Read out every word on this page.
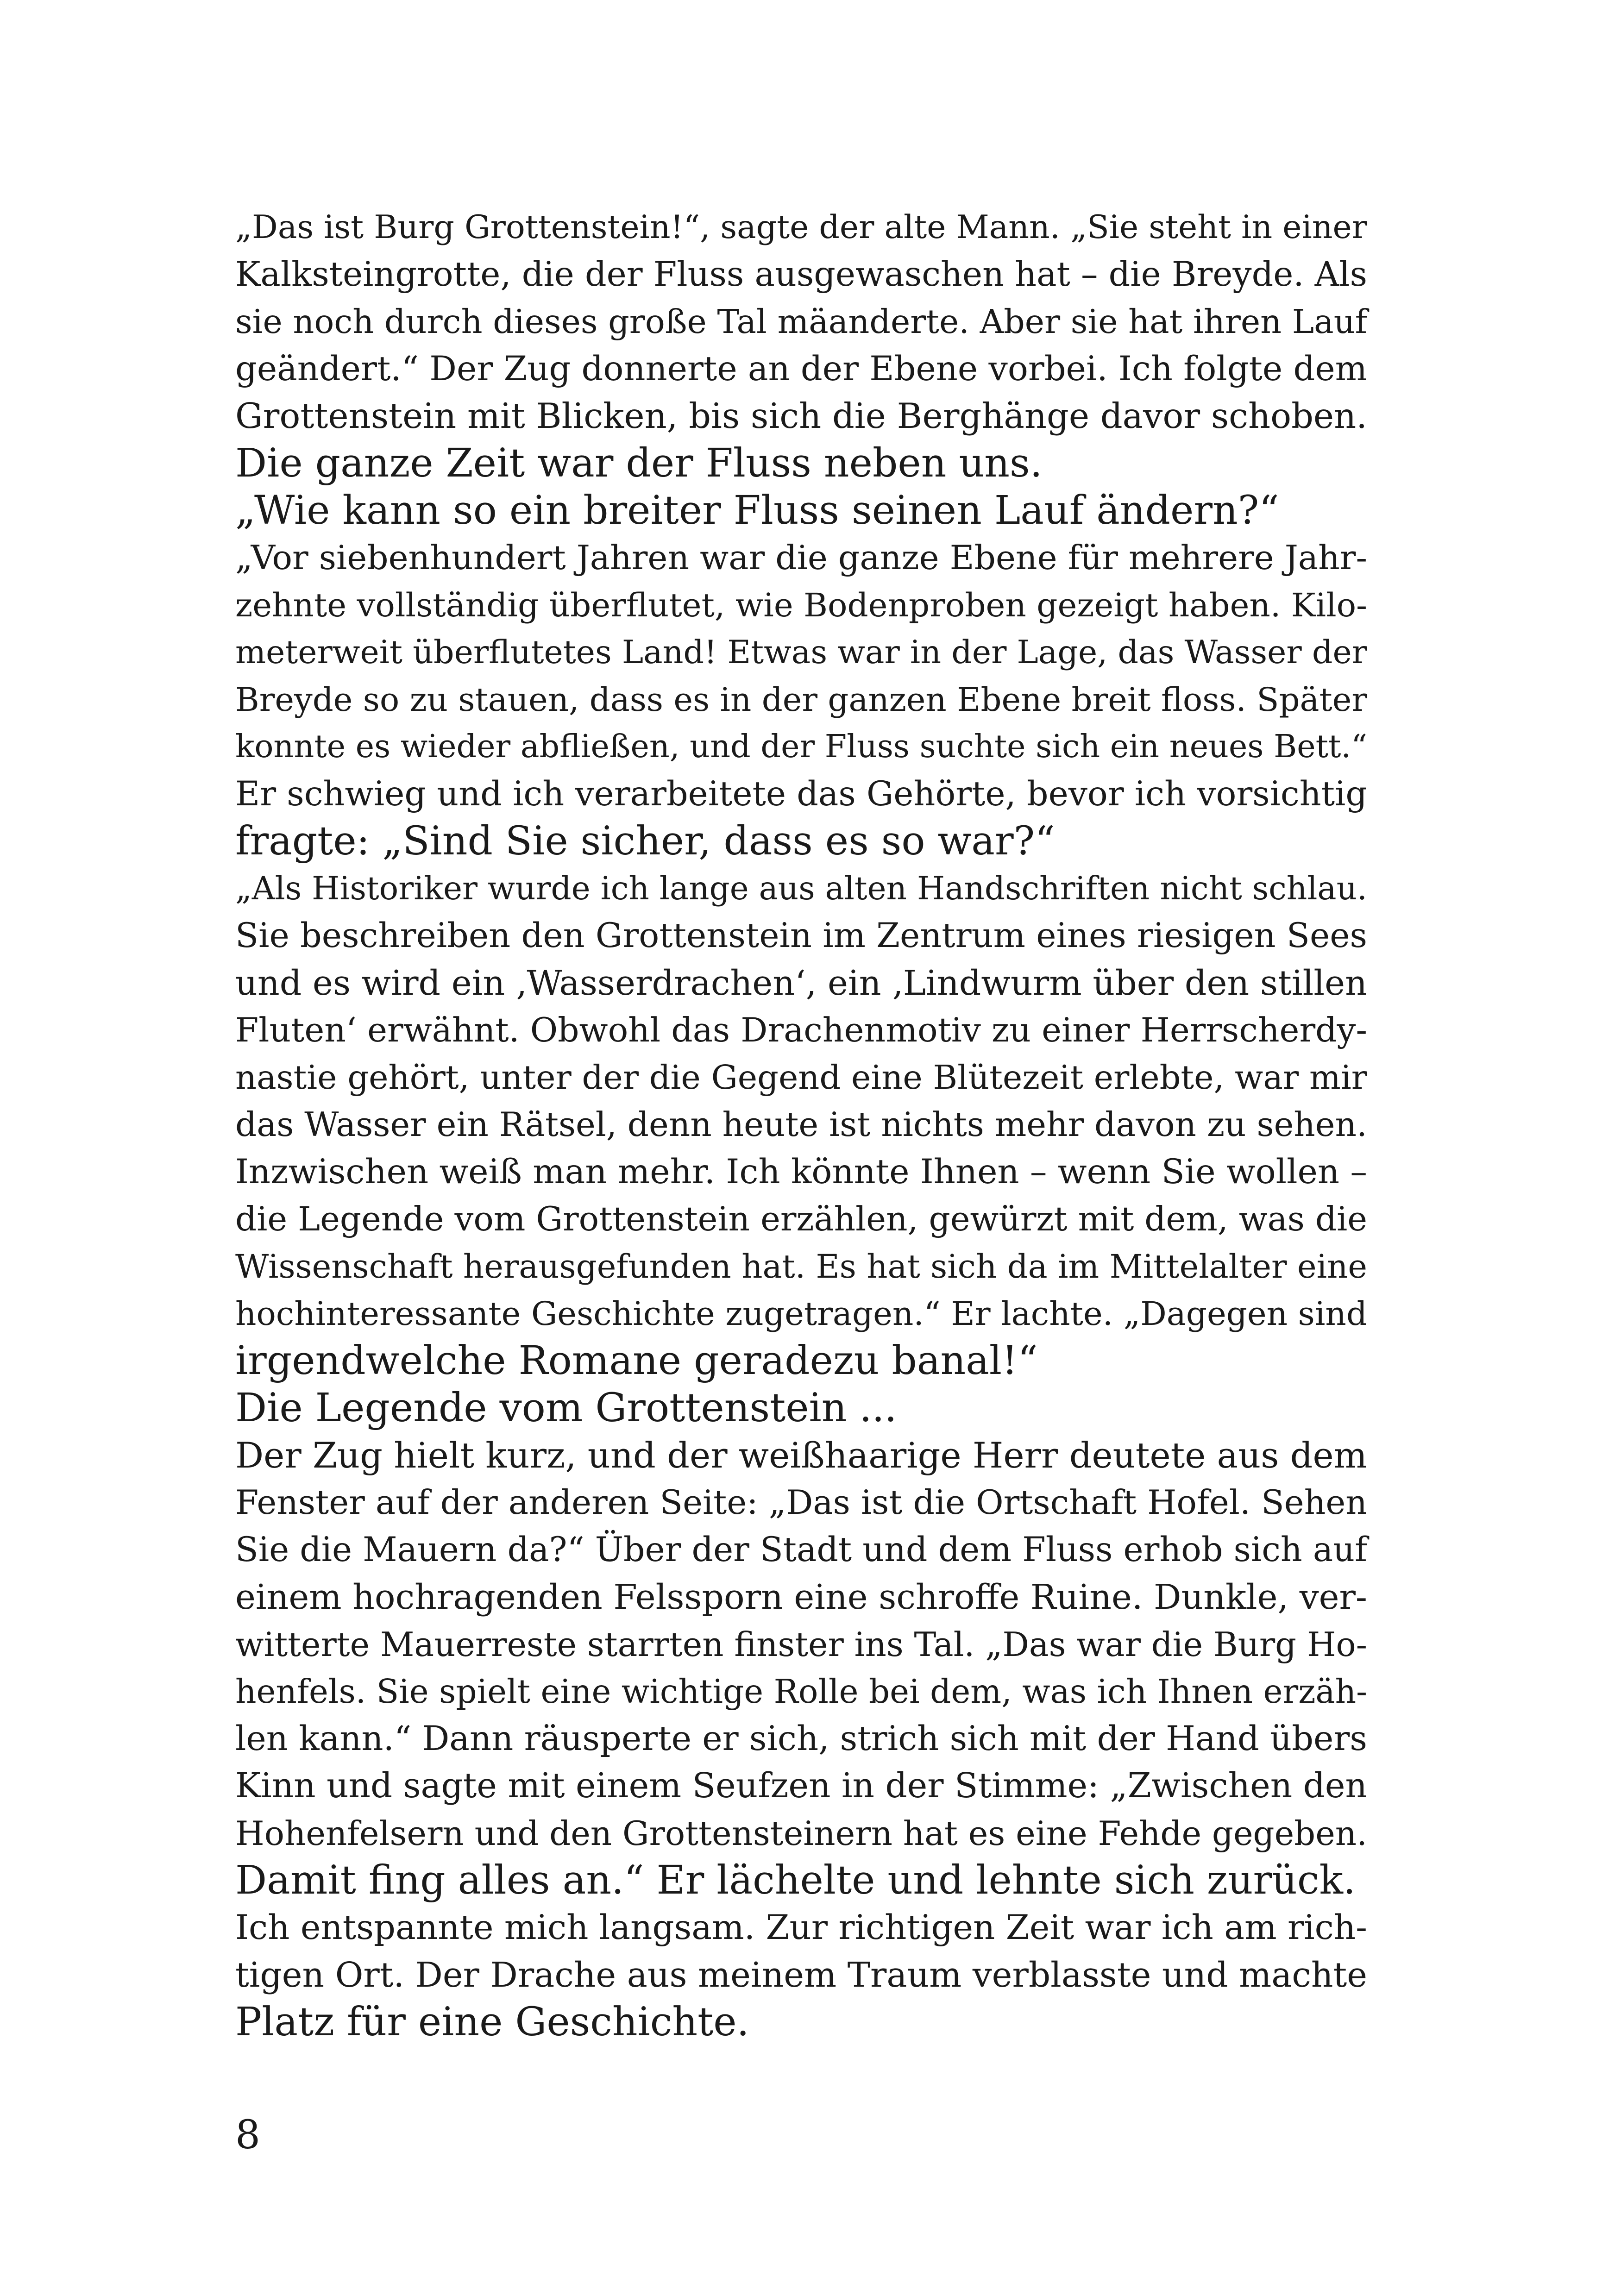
„Das ist Burg Grottenstein!“, sagte der alte Mann. „Sie steht in einer
Kalksteingrotte, die der Fluss ausgewaschen hat – die Breyde. Als
sie noch durch dieses große Tal mäanderte. Aber sie hat ihren Lauf
geändert.“ Der Zug donnerte an der Ebene vorbei. Ich folgte dem
Grottenstein mit Blicken, bis sich die Berghänge davor schoben.
Die ganze Zeit war der Fluss neben uns.
„Wie kann so ein breiter Fluss seinen Lauf ändern?“
„Vor siebenhundert Jahren war die ganze Ebene für mehrere Jahr-
zehnte vollständig überflutet, wie Bodenproben gezeigt haben. Kilo-
meterweit überflutetes Land! Etwas war in der Lage, das Wasser der
Breyde so zu stauen, dass es in der ganzen Ebene breit floss. Später
konnte es wieder abfließen, und der Fluss suchte sich ein neues Bett.“
Er schwieg und ich verarbeitete das Gehörte, bevor ich vorsichtig
fragte: „Sind Sie sicher, dass es so war?“
„Als Historiker wurde ich lange aus alten Handschriften nicht schlau.
Sie beschreiben den Grottenstein im Zentrum eines riesigen Sees
und es wird ein ‚Wasserdrachen‘, ein ‚Lindwurm über den stillen
Fluten‘ erwähnt. Obwohl das Drachenmotiv zu einer Herrscherdy-
nastie gehört, unter der die Gegend eine Blütezeit erlebte, war mir
das Wasser ein Rätsel, denn heute ist nichts mehr davon zu sehen.
Inzwischen weiß man mehr. Ich könnte Ihnen – wenn Sie wollen –
die Legende vom Grottenstein erzählen, gewürzt mit dem, was die
Wissenschaft herausgefunden hat. Es hat sich da im Mittelalter eine
hochinteressante Geschichte zugetragen.“ Er lachte. „Dagegen sind
irgendwelche Romane geradezu banal!“
Die Legende vom Grottenstein ...
Der Zug hielt kurz, und der weißhaarige Herr deutete aus dem
Fenster auf der anderen Seite: „Das ist die Ortschaft Hofel. Sehen
Sie die Mauern da?“ Über der Stadt und dem Fluss erhob sich auf
einem hochragenden Felssporn eine schroffe Ruine. Dunkle, ver-
witterte Mauerreste starrten finster ins Tal. „Das war die Burg Ho-
henfels. Sie spielt eine wichtige Rolle bei dem, was ich Ihnen erzäh-
len kann.“ Dann räusperte er sich, strich sich mit der Hand übers
Kinn und sagte mit einem Seufzen in der Stimme: „Zwischen den
Hohenfelsern und den Grottensteinern hat es eine Fehde gegeben.
Damit fing alles an.“ Er lächelte und lehnte sich zurück.
Ich entspannte mich langsam. Zur richtigen Zeit war ich am rich-
tigen Ort. Der Drache aus meinem Traum verblasste und machte
Platz für eine Geschichte.
8
